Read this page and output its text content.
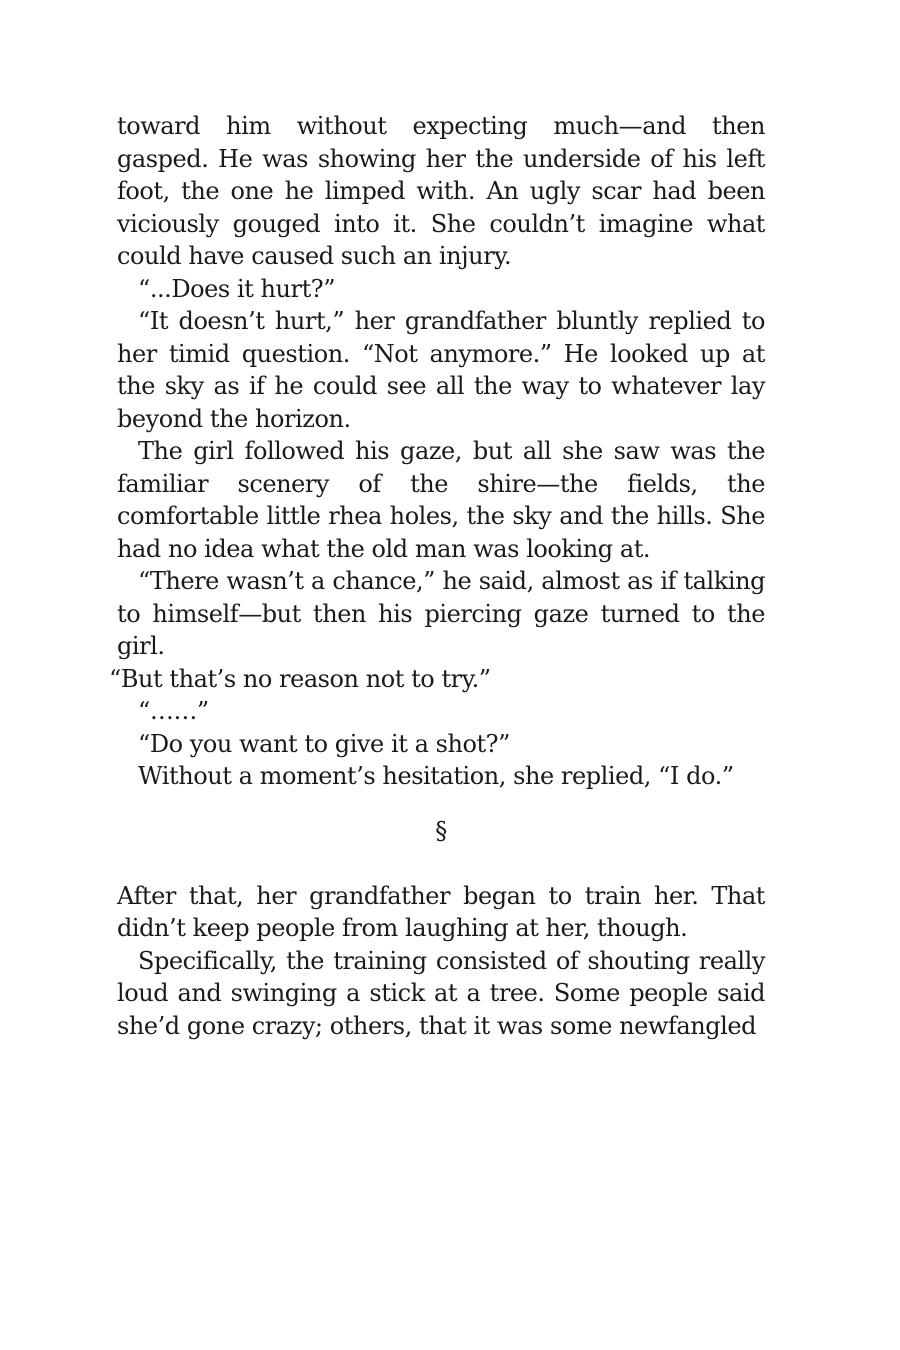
toward him without expecting much—and then gasped. He was showing her the underside of his left foot, the one he limped with. An ugly scar had been viciously gouged into it. She couldn’t imagine what could have caused such an injury.

“...Does it hurt?”

“It doesn’t hurt,” her grandfather bluntly replied to her timid question. “Not anymore.” He looked up at the sky as if he could see all the way to whatever lay beyond the horizon.

The girl followed his gaze, but all she saw was the familiar scenery of the shire—the fields, the comfortable little rhea holes, the sky and the hills. She had no idea what the old man was looking at.

“There wasn’t a chance,” he said, almost as if talking to himself—but then his piercing gaze turned to the girl.

“But that’s no reason not to try.”

“……”

“Do you want to give it a shot?”

Without a moment’s hesitation, she replied, “I do.”

§

After that, her grandfather began to train her. That didn’t keep people from laughing at her, though.

Specifically, the training consisted of shouting really loud and swinging a stick at a tree. Some people said she’d gone crazy; others, that it was some newfangled
